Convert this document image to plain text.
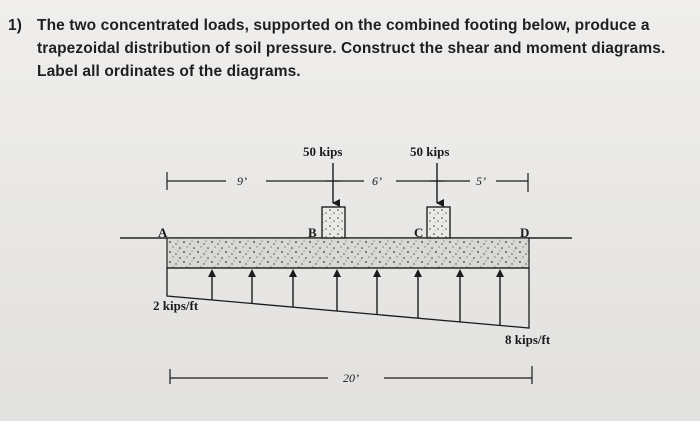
1) The two concentrated loads, supported on the combined footing below, produce a
trapezoidal distribution of soil pressure. Construct the shear and moment diagrams.
Label all ordinates of the diagrams.
A	B	C	D
50 kips	50 kips
9’	6’	5’
2 kips/ft
8 kips/ft
20’
